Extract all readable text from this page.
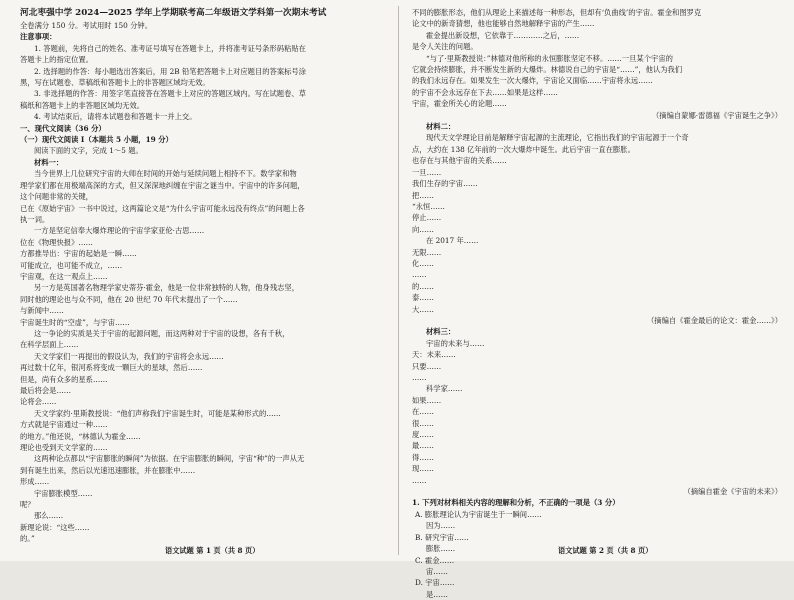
河北枣强中学 2024—2025 学年上学期联考高二年级语文学科第一次期末考试
全卷满分 150 分。考试用时 150 分钟。
注意事项：
1. 答题前，先将自己的姓名、准考证号填写在答题卡上，并将准考证号条形码粘贴在
答题卡上的指定位置。
2. 选择题的作答：每小题选出答案后，用 2B 铅笔把答题卡上对应题目的答案标号涂
黑，写在试题卷、草稿纸和答题卡上的非答题区域均无效。
3. 非选择题的作答：用签字笔直接答在答题卡上对应的答题区域内。写在试题卷、草
稿纸和答题卡上的非答题区域均无效。
4. 考试结束后，请将本试题卷和答题卡一并上交。
一、现代文阅读（36 分）
（一）现代文阅读 Ⅰ（本题共 5 小题，19 分）
阅读下面的文字，完成 1～5 题。
材料一：
当今世界上几位研究宇宙的大师在时间的开始与延续问题上相持不下。数学家和物
理学家们都在用极端高深的方式，但又深深地纠缠在宇宙之谜当中。宇宙中的许多问题，
这个问题非常的关键，
已在《原始宇宙》一书中说过，这两篇论文是“为什么宇宙可能永远没有终点”的问题上各
执一词。
一方是坚定信奉大爆炸理论的宇宙学家亚伦·古思……
位在《物理快报》……
方都推导出：宇宙的起始是一瞬……
可能成立，也可能不成立，……
宇宙观，在这一观点上……
另一方是英国著名物理学家史蒂芬·霍金，他是一位非常独特的人物，他身残志坚，
同时他的理论也与众不同，他在 20 世纪 70 年代末提出了一个……
与新闻中……
宇宙诞生时的“空虚”，与宇宙……
这一争论的实质是关于宇宙的起源问题，而这两种对于宇宙的设想，各有千秋，
在科学层面上……
天文学家们一再提出的假设认为，我们的宇宙将会永远……
再过数十亿年，银河系将变成一颗巨大的星球，然后……
但是，尚有众多的星系……
最后将会是……
论将会……
天文学家约·里斯教授说：“他们声称我们宇宙诞生时，可能是某种形式的……
方式就是宇宙通过一种……
的地方。”他还说，“林德认为霍金……
理论也受到天文学家的……
这两种论点都以“宇宙膨胀的瞬间”为依据。在宇宙膨胀的瞬间，宇宙“种”的一声从无
到有诞生出来，然后以光速迅速膨胀，并在膨胀中……
形成……
宇宙膨胀模型……
呢？
那么……
新理论说：“这些……
的。”
不同的膨胀形态，他们从理论上来描述每一种形态，但却有‘负曲线’的宇宙。霍金和图罗克
论文中的新奇猜想，他也能够自然地解释宇宙的产生……
霍金提出新设想，它依靠于…………之后，……
是令人关注的问题。
“与了·里斯教授说：”林德对他所称的永恒膨胀坚定不移。……一旦某个宇宙的
它就会持续膨胀，并不断发生新的大爆炸。林德说自己的宇宙是“……”，他认为我们
的我们永远存在。如果发生一次大爆炸，宇宙论又面临……宇宙将永远……
的宇宙不会永远存在下去……如果是这样……
宇宙，霍金所关心的论题……
（摘编自蒙娜·雷德福《宇宙诞生之争》）
材料二：
现代天文学理论目前是解释宇宙起源的主流理论，它指出我们的宇宙起源于一个奇
点，大约在 138 亿年前的一次大爆炸中诞生。此后宇宙一直在膨胀。
也存在与其他宇宙的关系……
一旦……
我们生存的宇宙……
把……
“永恒……
停止……
向……
在 2017 年……
无限……
化……
……
的……
泰……
大……
（摘编自《霍金最后的论文：霍金……》）
材料三：
宇宙的未来与……
天：未来……
只要……
……
科学家……
如果……
在……
很……
度……
最……
得……
现……
……
（摘编自霍金《宇宙的未来》）
1. 下列对材料相关内容的理解和分析，不正确的一项是（3 分）
A. 膨胀理论认为宇宙诞生于一瞬间……
因为……
B. 研究宇宙……
膨胀……
C. 霍金……
宙……
D. 宇宙……
是……
语文试题 第 1 页（共 8 页）	语文试题 第 2 页（共 8 页）
